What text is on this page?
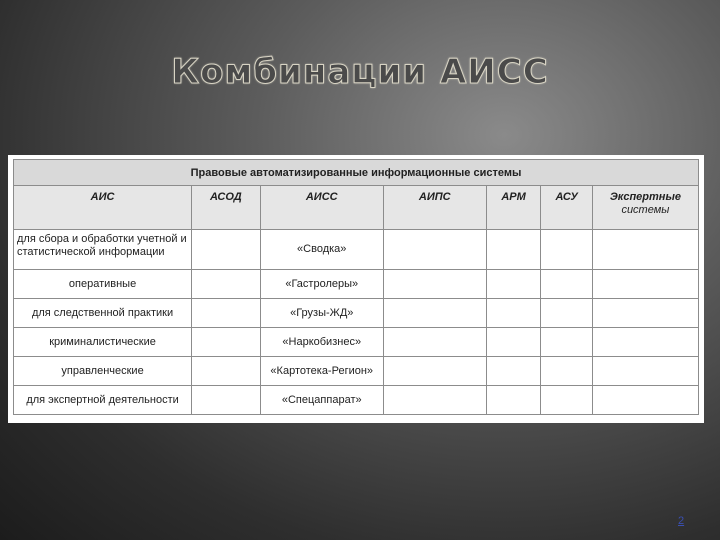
Комбинации АИСС
Правовые автоматизированные информационные системы						
АИС	АСОД	АИСС	АИПС	АРМ	АСУ	Экспертные
системы

для сбора и обработки учетной и статистической информации		«Сводка»				
оперативные		«Гастролеры»				
для следственной практики		«Грузы-ЖД»				
криминалистические		«Наркобизнес»				
управленческие		«Картотека-Регион»				
для экспертной деятельности		«Спецаппарат»				
2
